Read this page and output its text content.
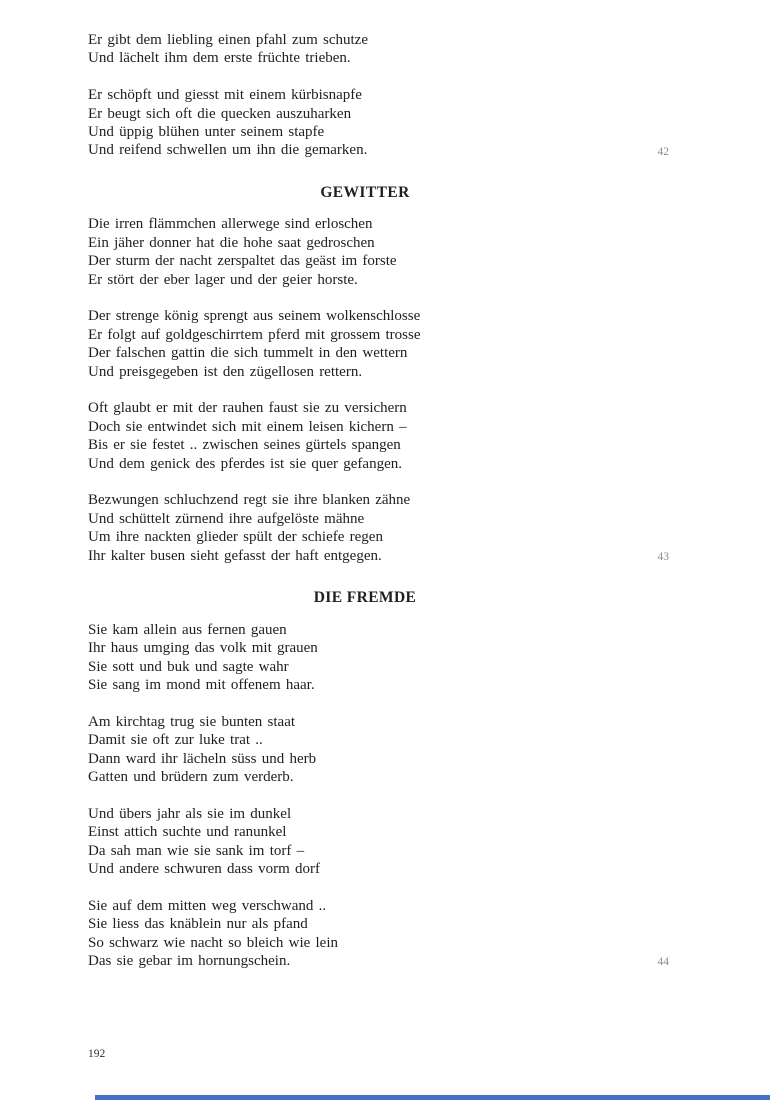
Er gibt dem liebling einen pfahl zum schutze
Und lächelt ihm dem erste früchte trieben.
Er schöpft und giesst mit einem kürbisnapfe
Er beugt sich oft die quecken auszuharken
Und üppig blühen unter seinem stapfe
Und reifend schwellen um ihn die gemarken.	42
GEWITTER
Die irren flämmchen allerwege sind erloschen
Ein jäher donner hat die hohe saat gedroschen
Der sturm der nacht zerspaltet das geäst im forste
Er stört der eber lager und der geier horste.
Der strenge könig sprengt aus seinem wolkenschlosse
Er folgt auf goldgeschirrtem pferd mit grossem trosse
Der falschen gattin die sich tummelt in den wettern
Und preisgegeben ist den zügellosen rettern.
Oft glaubt er mit der rauhen faust sie zu versichern
Doch sie entwindet sich mit einem leisen kichern –
Bis er sie festet .. zwischen seines gürtels spangen
Und dem genick des pferdes ist sie quer gefangen.
Bezwungen schluchzend regt sie ihre blanken zähne
Und schüttelt zürnend ihre aufgelöste mähne
Um ihre nackten glieder spült der schiefe regen
Ihr kalter busen sieht gefasst der haft entgegen.	43
DIE FREMDE
Sie kam allein aus fernen gauen
Ihr haus umging das volk mit grauen
Sie sott und buk und sagte wahr
Sie sang im mond mit offenem haar.
Am kirchtag trug sie bunten staat
Damit sie oft zur luke trat ..
Dann ward ihr lächeln süss und herb
Gatten und brüdern zum verderb.
Und übers jahr als sie im dunkel
Einst attich suchte und ranunkel
Da sah man wie sie sank im torf –
Und andere schwuren dass vorm dorf
Sie auf dem mitten weg verschwand ..
Sie liess das knäblein nur als pfand
So schwarz wie nacht so bleich wie lein
Das sie gebar im hornungschein.	44
192
